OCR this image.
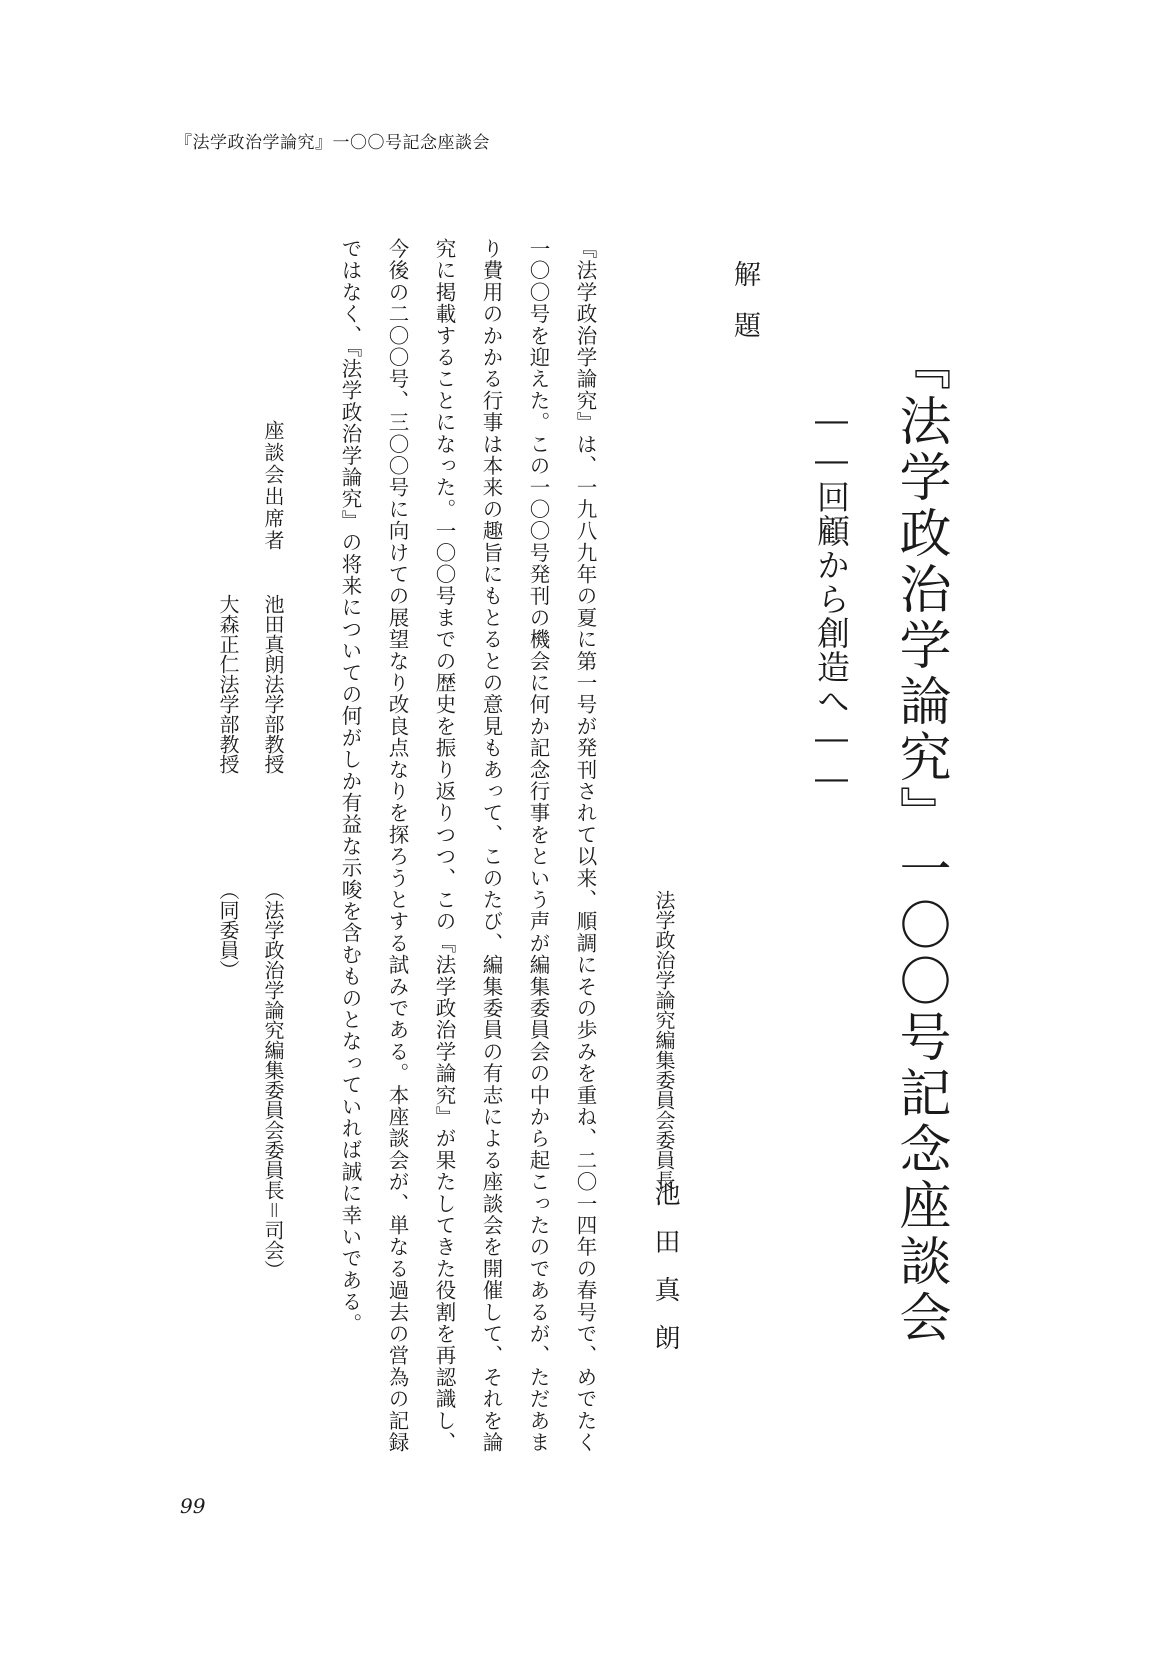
『法学政治学論究』一〇〇号記念座談会
『法学政治学論究』一〇〇号記念座談会
――回顧から創造へ――
解題
法学政治学論究編集委員会委員長
池田真朗

『法学政治学論究』は、一九八九年の夏に第一号が発刊されて以来、順調にその歩みを重ね、二〇一四年の春号で、めでたく一〇〇号を迎えた。この一〇〇号発刊の機会に何か記念行事をという声が編集委員会の中から起こったのであるが、ただあまり費用のかかる行事は本来の趣旨にもとるとの意見もあって、このたび、編集委員の有志による座談会を開催して、それを論究に掲載することになった。一〇〇号までの歴史を振り返りつつ、この『法学政治学論究』が果たしてきた役割を再認識し、今後の二〇〇号、三〇〇号に向けての展望なり改良点なりを探ろうとする試みである。本座談会が、単なる過去の営為の記録ではなく、『法学政治学論究』の将来についての何がしか有益な示唆を含むものとなっていれば誠に幸いである。

座談会出席者
池田真朗法学部教授
（法学政治学論究編集委員会委員長＝司会）
大森正仁法学部教授
（同委員）
99
